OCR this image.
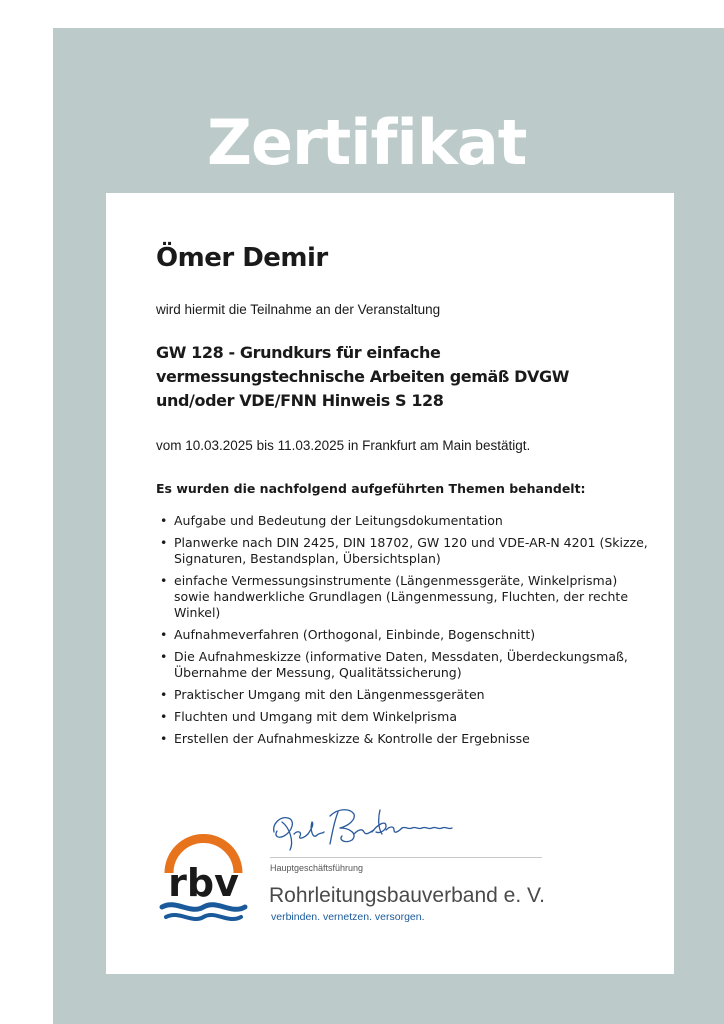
Zertifikat
Ömer Demir

wird hiermit die Teilnahme an der Veranstaltung

GW 128 - Grundkurs für einfache vermessungstechnische Arbeiten gemäß DVGW und/oder VDE/FNN Hinweis S 128

vom 10.03.2025 bis 11.03.2025 in Frankfurt am Main bestätigt.

Es wurden die nachfolgend aufgeführten Themen behandelt:

• Aufgabe und Bedeutung der Leitungsdokumentation
• Planwerke nach DIN 2425, DIN 18702, GW 120 und VDE-AR-N 4201 (Skizze, Signaturen, Bestandsplan, Übersichtsplan)
• einfache Vermessungsinstrumente (Längenmessgeräte, Winkelprisma) sowie handwerkliche Grundlagen (Längenmessung, Fluchten, der rechte Winkel)
• Aufnahmeverfahren (Orthogonal, Einbinde, Bogenschnitt)
• Die Aufnahmeskizze (informative Daten, Messdaten, Überdeckungsmaß, Übernahme der Messung, Qualitätssicherung)
• Praktischer Umgang mit den Längenmessgeräten
• Fluchten und Umgang mit dem Winkelprisma
• Erstellen der Aufnahmeskizze & Kontrolle der Ergebnisse

Hauptgeschäftsführung

rbv Rohrleitungsbauverband e. V.

verbinden. vernetzen. versorgen.
